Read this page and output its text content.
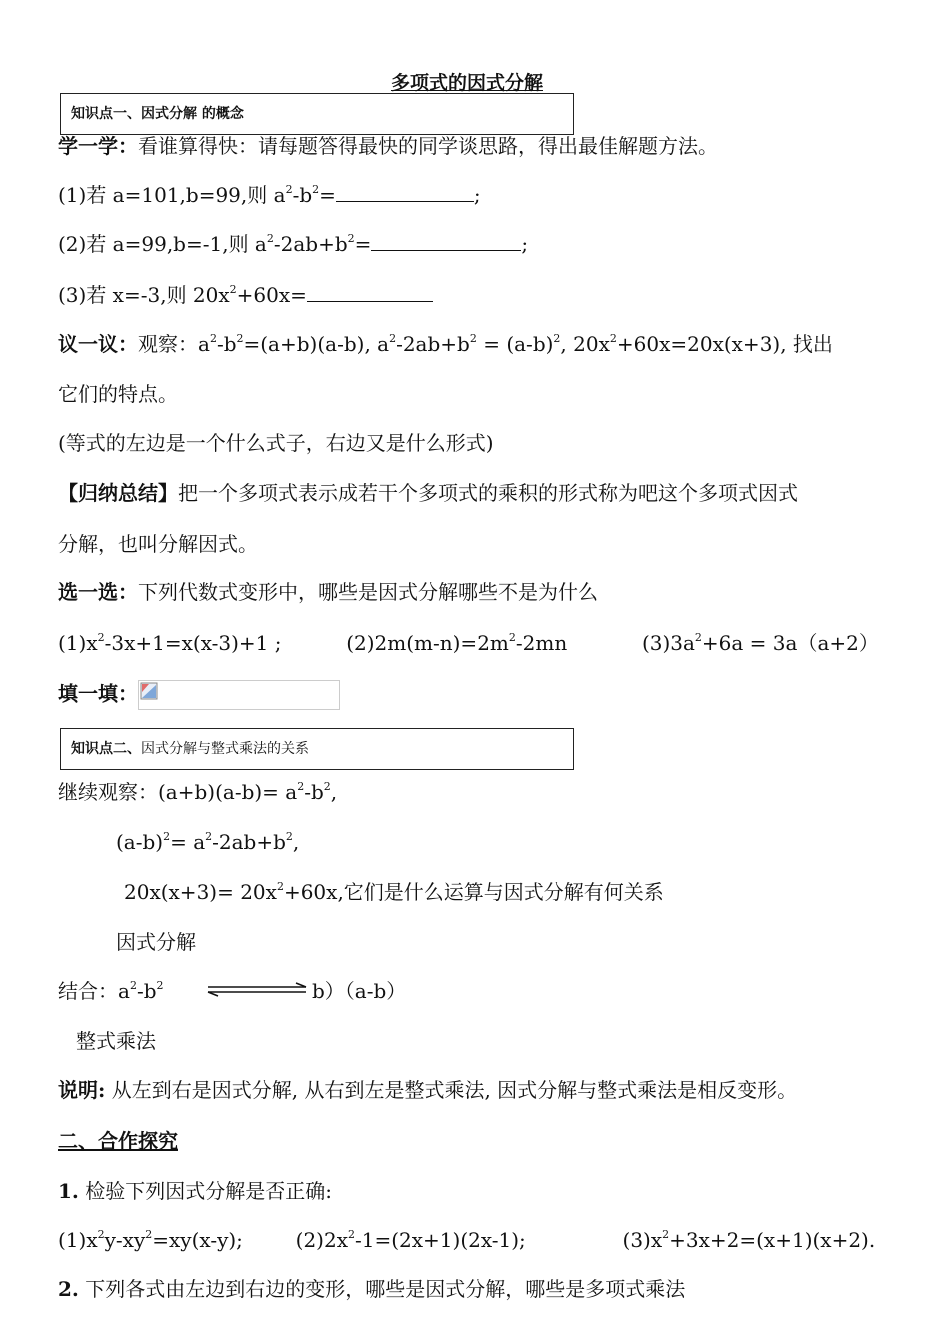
多项式的因式分解
知识点一、因式分解 的概念
学一学：看谁算得快：请每题答得最快的同学谈思路，得出最佳解题方法。
(1)若 a=101,b=99,则 $a^2-b^2=$	;
(2)若 a=99,b=-1,则 $a^2-2ab+b^2=$	;
(3)若 x=-3,则 $20x^2+60x=$
议一议：观察：$a^2-b^2=(a+b)(a-b)$, $a^2-2ab+b^2 = (a-b)^2$, $20x^2+60x=20x(x+3)$, 找出
它们的特点。
(等式的左边是一个什么式子，右边又是什么形式)
【归纳总结】把一个多项式表示成若干个多项式的乘积的形式称为吧这个多项式因式
分解，也叫分解因式。
选一选：下列代数式变形中，哪些是因式分解哪些不是为什么
$(1)x^2-3x+1=x(x-3)+1$ ;	$(2)2m(m-n)=2m^2-2mn$	$(3)3a^2+6a = 3a(a+2)$
填一填：
知识点二、因式分解与整式乘法的关系
继续观察：$(a+b)(a-b)= a^2-b^2$,
$(a-b)^2= a^2-2ab+b^2$,
$20x(x+3)= 20x^2+60x$,它们是什么运算与因式分解有何关系
因式分解
结合：$a^2-b^2$	b）（a-b）
整式乘法
说明: 从左到右是因式分解, 从右到左是整式乘法, 因式分解与整式乘法是相反变形。
二、合作探究
1. 检验下列因式分解是否正确:
$(1)x^2y-xy^2=xy(x-y)$;	$(2)2x^2-1=(2x+1)(2x-1)$;	$(3)x^2+3x+2=(x+1)(x+2)$.
2. 下列各式由左边到右边的变形，哪些是因式分解，哪些是多项式乘法
